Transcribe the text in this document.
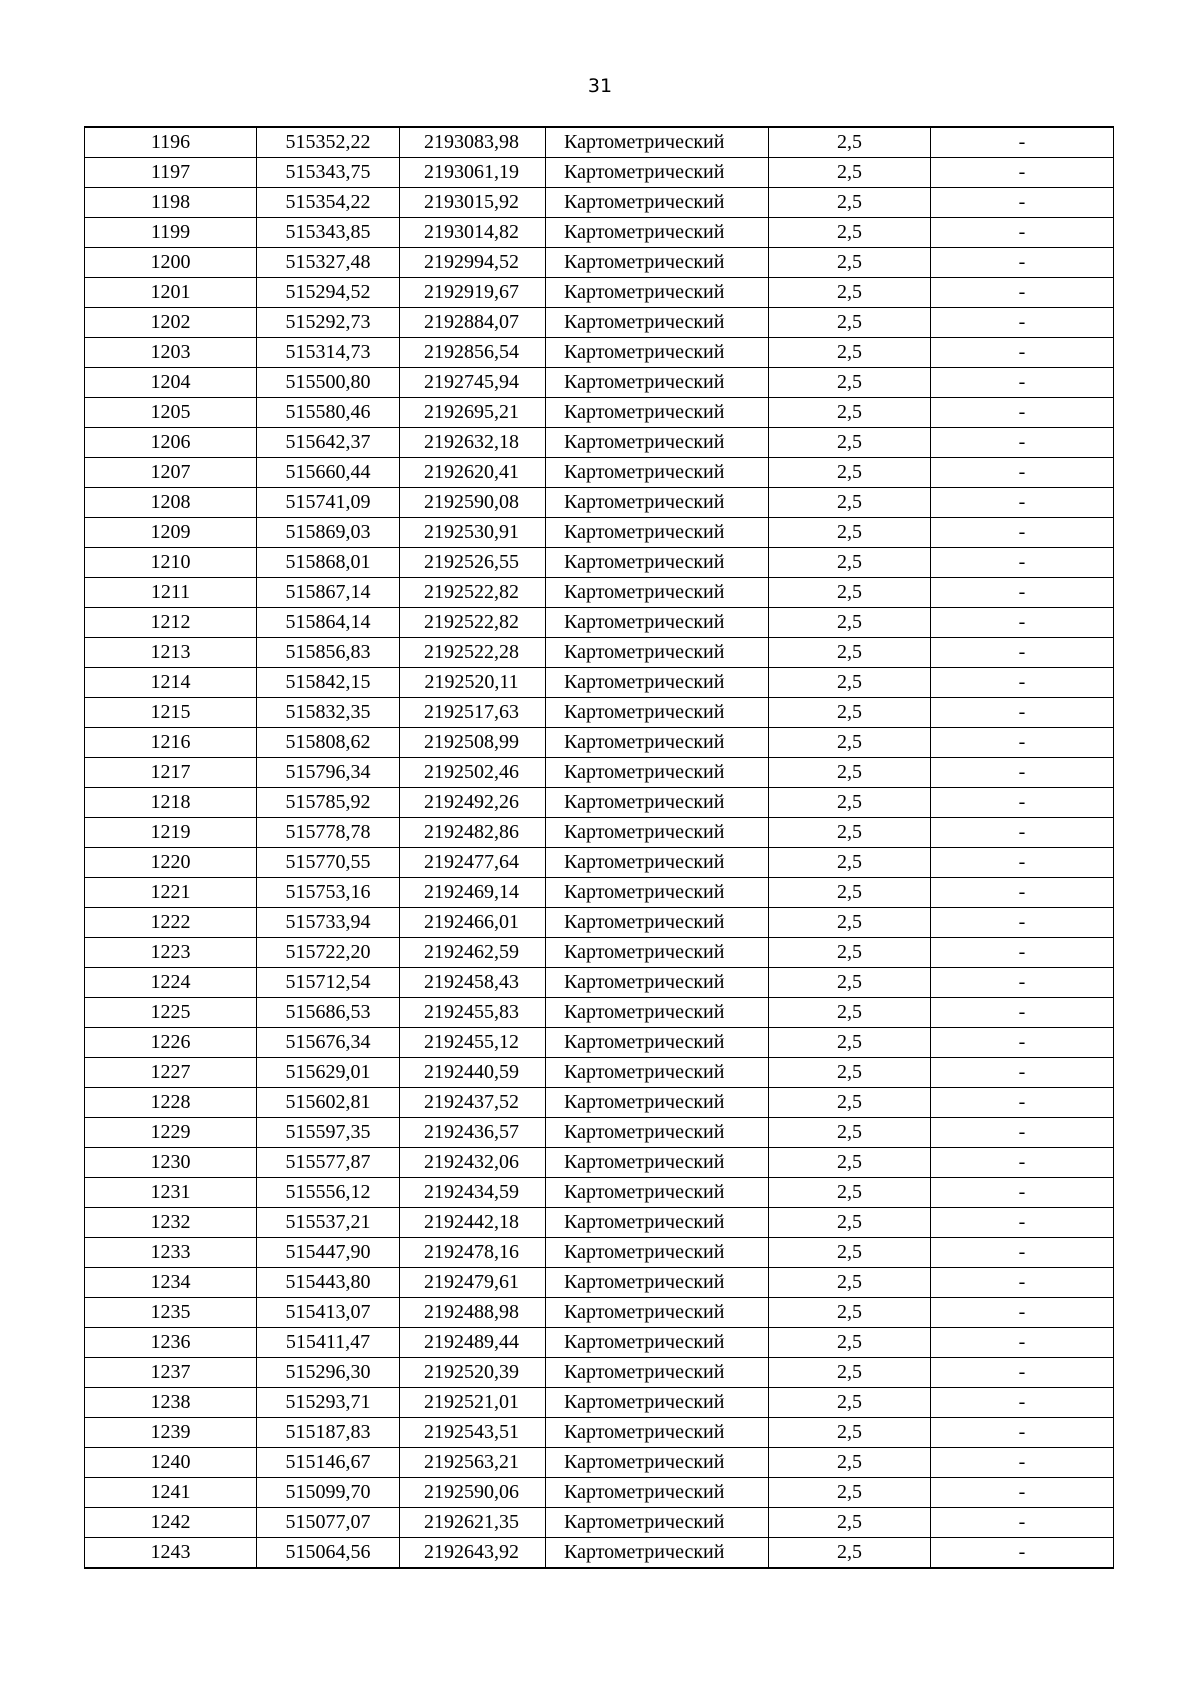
31
1196	515352,22	2193083,98	Картометрический	2,5	-
1197	515343,75	2193061,19	Картометрический	2,5	-
1198	515354,22	2193015,92	Картометрический	2,5	-
1199	515343,85	2193014,82	Картометрический	2,5	-
1200	515327,48	2192994,52	Картометрический	2,5	-
1201	515294,52	2192919,67	Картометрический	2,5	-
1202	515292,73	2192884,07	Картометрический	2,5	-
1203	515314,73	2192856,54	Картометрический	2,5	-
1204	515500,80	2192745,94	Картометрический	2,5	-
1205	515580,46	2192695,21	Картометрический	2,5	-
1206	515642,37	2192632,18	Картометрический	2,5	-
1207	515660,44	2192620,41	Картометрический	2,5	-
1208	515741,09	2192590,08	Картометрический	2,5	-
1209	515869,03	2192530,91	Картометрический	2,5	-
1210	515868,01	2192526,55	Картометрический	2,5	-
1211	515867,14	2192522,82	Картометрический	2,5	-
1212	515864,14	2192522,82	Картометрический	2,5	-
1213	515856,83	2192522,28	Картометрический	2,5	-
1214	515842,15	2192520,11	Картометрический	2,5	-
1215	515832,35	2192517,63	Картометрический	2,5	-
1216	515808,62	2192508,99	Картометрический	2,5	-
1217	515796,34	2192502,46	Картометрический	2,5	-
1218	515785,92	2192492,26	Картометрический	2,5	-
1219	515778,78	2192482,86	Картометрический	2,5	-
1220	515770,55	2192477,64	Картометрический	2,5	-
1221	515753,16	2192469,14	Картометрический	2,5	-
1222	515733,94	2192466,01	Картометрический	2,5	-
1223	515722,20	2192462,59	Картометрический	2,5	-
1224	515712,54	2192458,43	Картометрический	2,5	-
1225	515686,53	2192455,83	Картометрический	2,5	-
1226	515676,34	2192455,12	Картометрический	2,5	-
1227	515629,01	2192440,59	Картометрический	2,5	-
1228	515602,81	2192437,52	Картометрический	2,5	-
1229	515597,35	2192436,57	Картометрический	2,5	-
1230	515577,87	2192432,06	Картометрический	2,5	-
1231	515556,12	2192434,59	Картометрический	2,5	-
1232	515537,21	2192442,18	Картометрический	2,5	-
1233	515447,90	2192478,16	Картометрический	2,5	-
1234	515443,80	2192479,61	Картометрический	2,5	-
1235	515413,07	2192488,98	Картометрический	2,5	-
1236	515411,47	2192489,44	Картометрический	2,5	-
1237	515296,30	2192520,39	Картометрический	2,5	-
1238	515293,71	2192521,01	Картометрический	2,5	-
1239	515187,83	2192543,51	Картометрический	2,5	-
1240	515146,67	2192563,21	Картометрический	2,5	-
1241	515099,70	2192590,06	Картометрический	2,5	-
1242	515077,07	2192621,35	Картометрический	2,5	-
1243	515064,56	2192643,92	Картометрический	2,5	-
